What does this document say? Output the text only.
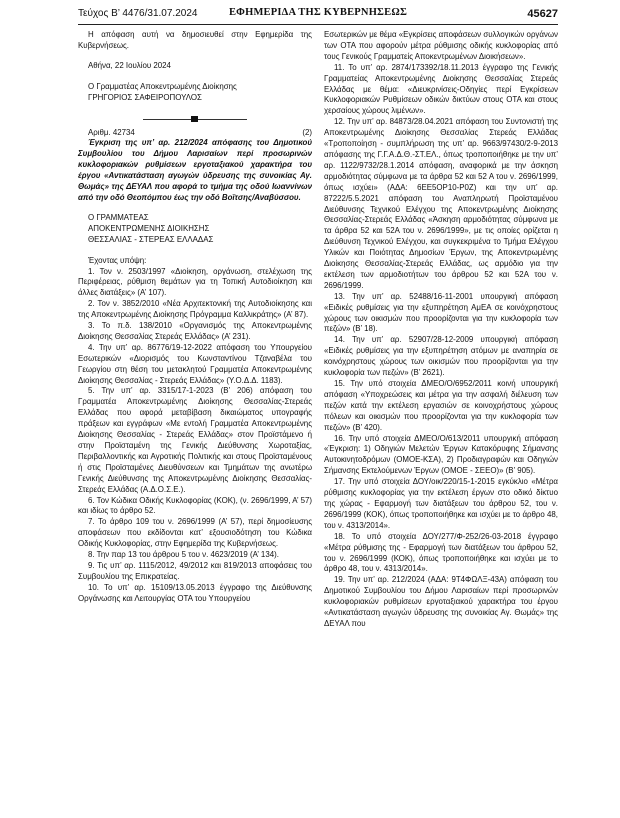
Τεύχος Β’ 4476/31.07.2024	ΕΦΗΜΕΡΙΔΑ ΤΗΣ ΚΥΒΕΡΝΗΣΕΩΣ	45627

Η απόφαση αυτή να δημοσιευθεί στην Εφημερίδα της Κυβερνήσεως.

Αθήνα, 22 Ιουλίου 2024

Ο Γραμματέας Αποκεντρωμένης Διοίκησης

ΓΡΗΓΟΡΙΟΣ ΣΑΦΕΙΡΟΠΟΥΛΟΣ

Αριθμ. 42734	(2)

Έγκριση της υπ’ αρ. 212/2024 απόφασης του Δημοτικού Συμβουλίου του Δήμου Λαρισαίων περί προσωρινών κυκλοφοριακών ρυθμίσεων εργοταξιακού χαρακτήρα του έργου «Αντικατάσταση αγωγών ύδρευσης της συνοικίας Αγ. Θωμάς» της ΔΕΥΑΛ που αφορά το τμήμα της οδού Ιωαννίνων από την οδό Θεοπόμπου έως την οδό Βοϊτσης/Αναβύσσου.

Ο ΓΡΑΜΜΑΤΕΑΣ

ΑΠΟΚΕΝΤΡΩΜΕΝΗΣ ΔΙΟΙΚΗΣΗΣ

ΘΕΣΣΑΛΙΑΣ - ΣΤΕΡΕΑΣ ΕΛΛΑΔΑΣ

Έχοντας υπόψη:

1. Τον ν. 2503/1997 «Διοίκηση, οργάνωση, στελέχωση της Περιφέρειας, ρύθμιση θεμάτων για τη Τοπική Αυτοδιοίκηση και άλλες διατάξεις» (Α’ 107).

2. Τον ν. 3852/2010 «Νέα Αρχιτεκτονική της Αυτοδιοίκησης και της Αποκεντρωμένης Διοίκησης Πρόγραμμα Καλλικράτης» (Α’ 87).

3. Το π.δ. 138/2010 «Οργανισμός της Αποκεντρωμένης Διοίκησης Θεσσαλίας Στερεάς Ελλάδας» (Α’ 231).

4. Την υπ’ αρ. 86776/19-12-2022 απόφαση του Υπουργείου Εσωτερικών «Διορισμός του Κωνσταντίνου Τζαναβέλα του Γεωργίου στη θέση του μετακλητού Γραμματέα Αποκεντρωμένης Διοίκησης Θεσσαλίας - Στερεάς Ελλάδας» (Υ.Ο.Δ.Δ. 1183).

5. Την υπ’ αρ. 3315/17-1-2023 (Β’ 206) απόφαση του Γραμματέα Αποκεντρωμένης Διοίκησης Θεσσαλίας-Στερεάς Ελλάδας που αφορά μεταβίβαση δικαιώματος υπογραφής πράξεων και εγγράφων «Με εντολή Γραμματέα Αποκεντρωμένης Διοίκησης Θεσσαλίας - Στερεάς Ελλάδας» στον Προϊστάμενο ή στην Προϊσταμένη της Γενικής Διεύθυνσης Χωροταξίας, Περιβαλλοντικής και Αγροτικής Πολιτικής και στους Προϊσταμένους ή στις Προϊσταμένες Διευθύνσεων και Τμημάτων της ανωτέρω Γενικής Διεύθυνσης της Αποκεντρωμένης Διοίκησης Θεσσαλίας-Στερεάς Ελλάδας (Α.Δ.Ο.Σ.Ε.).

6. Τον Κώδικα Οδικής Κυκλοφορίας (ΚΟΚ), (ν. 2696/1999, Α’ 57) και ιδίως το άρθρο 52.

7. Το άρθρο 109 του ν. 2696/1999 (Α’ 57), περί δημοσίευσης αποφάσεων που εκδίδονται κατ’ εξουσιοδότηση του Κώδικα Οδικής Κυκλοφορίας, στην Εφημερίδα της Κυβερνήσεως.

8. Την παρ 13 του άρθρου 5 του ν. 4623/2019 (Α’ 134).

9. Τις υπ’ αρ. 1115/2012, 49/2012 και 819/2013 αποφάσεις του Συμβουλίου της Επικρατείας.

10. Το υπ’ αρ. 15109/13.05.2013 έγγραφο της Διεύθυνσης Οργάνωσης και Λειτουργίας ΟΤΑ του Υπουργείου

Εσωτερικών με θέμα «Εγκρίσεις αποφάσεων συλλογικών οργάνων των ΟΤΑ που αφορούν μέτρα ρύθμισης οδικής κυκλοφορίας από τους Γενικούς Γραμματείς Αποκεντρωμένων Διοικήσεων».

11. Το υπ’ αρ. 2874/173392/18.11.2013 έγγραφο της Γενικής Γραμματείας Αποκεντρωμένης Διοίκησης Θεσσαλίας Στερεάς Ελλάδας με θέμα: «Διευκρινίσεις-Οδηγίες περί Εγκρίσεων Κυκλοφοριακών Ρυθμίσεων οδικών δικτύων στους ΟΤΑ και στους χερσαίους χώρους λιμένων».

12. Την υπ’ αρ. 84873/28.04.2021 απόφαση του Συντονιστή της Αποκεντρωμένης Διοίκησης Θεσσαλίας Στερεάς Ελλάδας «Τροποποίηση - συμπλήρωση της υπ’ αρ. 9663/97430/2-9-2013 απόφασης της Γ.Γ.Α.Δ.Θ.-ΣΤ.ΕΛ., όπως τροποποιήθηκε με την υπ’ αρ. 1122/9732/28.1.2014 απόφαση, αναφορικά με την άσκηση αρμοδιότητας σύμφωνα με τα άρθρα 52 και 52 Α του ν. 2696/1999, όπως ισχύει» (ΑΔΑ: 6ΕΕ5ΟΡ10-Ρ0Ζ) και την υπ’ αρ. 87222/5.5.2021 απόφαση του Αναπληρωτή Προϊσταμένου Διεύθυνσης Τεχνικού Ελέγχου της Αποκεντρωμένης Διοίκησης Θεσσαλίας-Στερεάς Ελλάδας «Άσκηση αρμοδιότητας σύμφωνα με τα άρθρα 52 και 52Α του ν. 2696/1999», με τις οποίες ορίζεται η Διεύθυνση Τεχνικού Ελέγχου, και συγκεκριμένα το Τμήμα Ελέγχου Υλικών και Ποιότητας Δημοσίων Έργων, της Αποκεντρωμένης Διοίκησης Θεσσαλίας-Στερεάς Ελλάδας, ως αρμόδιο για την εκτέλεση των αρμοδιοτήτων του άρθρου 52 και 52Α του ν. 2696/1999.

13. Την υπ’ αρ. 52488/16-11-2001 υπουργική απόφαση «Ειδικές ρυθμίσεις για την εξυπηρέτηση ΑμΕΑ σε κοινόχρηστους χώρους των οικισμών που προορίζονται για την κυκλοφορία των πεζών» (Β’ 18).

14. Την υπ’ αρ. 52907/28-12-2009 υπουργική απόφαση «Ειδικές ρυθμίσεις για την εξυπηρέτηση ατόμων με αναπηρία σε κοινόχρηστους χώρους των οικισμών που προορίζονται για την κυκλοφορία των πεζών» (Β’ 2621).

15. Την υπό στοιχεία ΔΜΕΟ/Ο/6952/2011 κοινή υπουργική απόφαση «Υποχρεώσεις και μέτρα για την ασφαλή διέλευση των πεζών κατά την εκτέλεση εργασιών σε κοινοχρήστους χώρους πόλεων και οικισμών που προορίζονται για την κυκλοφορία των πεζών» (Β’ 420).

16. Την υπό στοιχεία ΔΜΕΟ/Ο/613/2011 υπουργική απόφαση «Έγκριση: 1) Οδηγιών Μελετών Έργων Κατακόρυφης Σήμανσης Αυτοκινητοδρόμων (ΟΜΟΕ-ΚΣΑ), 2) Προδιαγραφών και Οδηγιών Σήμανσης Εκτελούμενων Έργων (ΟΜΟΕ - ΣΕΕΟ)» (Β’ 905).

17. Την υπό στοιχεία ΔΟΥ/οικ/220/15-1-2015 εγκύκλιο «Μέτρα ρύθμισης κυκλοφορίας για την εκτέλεση έργων στο οδικό δίκτυο της χώρας - Εφαρμογή των διατάξεων του άρθρου 52, του ν. 2696/1999 (ΚΟΚ), όπως τροποποιήθηκε και ισχύει με το άρθρο 48, του ν. 4313/2014».

18. Το υπό στοιχεία ΔΟΥ/277/Φ-252/26-03-2018 έγγραφο «Μέτρα ρύθμισης της - Εφαρμογή των διατάξεων του άρθρου 52, του ν. 2696/1999 (ΚΟΚ), όπως τροποποιήθηκε και ισχύει με το άρθρο 48, του ν. 4313/2014».

19. Την υπ’ αρ. 212/2024 (ΑΔΑ: 9Τ4ΦΩΛΞ-43Α) απόφαση του Δημοτικού Συμβουλίου του Δήμου Λαρισαίων περί προσωρινών κυκλοφοριακών ρυθμίσεων εργοταξιακού χαρακτήρα του έργου «Αντικατάσταση αγωγών ύδρευσης της συνοικίας Αγ. Θωμάς» της ΔΕΥΑΛ που
